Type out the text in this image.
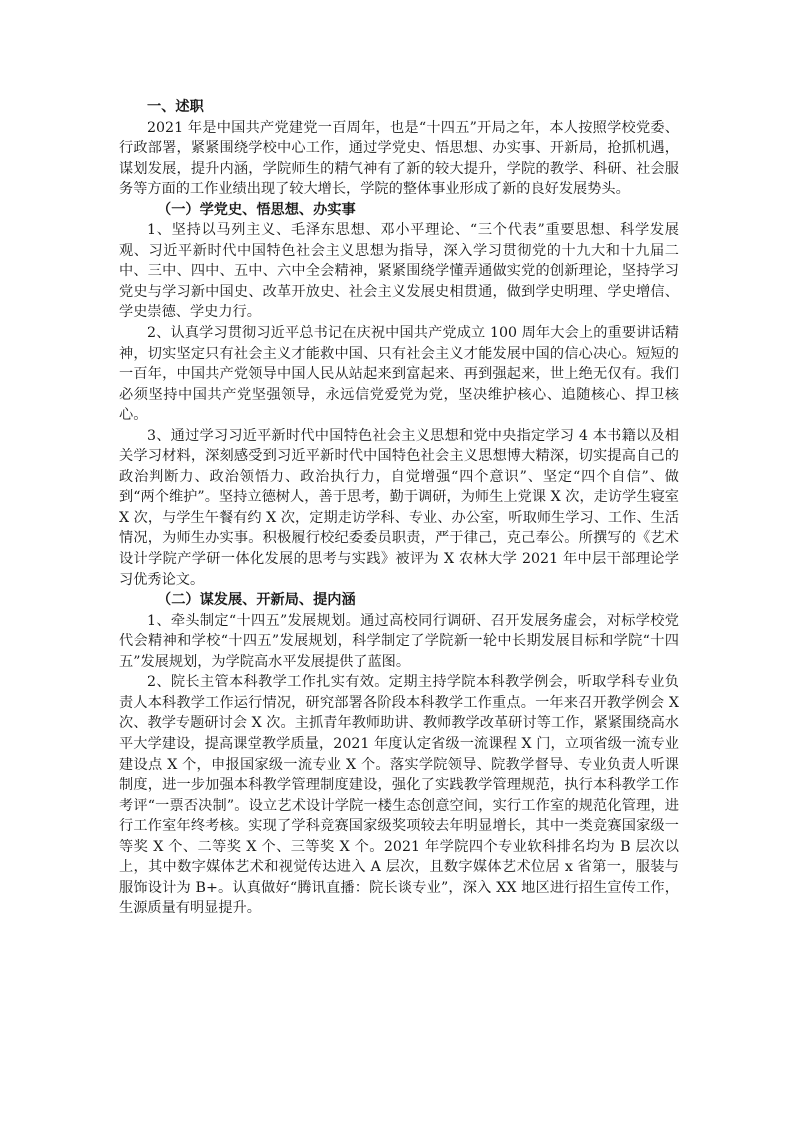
一、述职

2021 年是中国共产党建党一百周年，也是“十四五”开局之年，本人按照学校党委、行政部署，紧紧围绕学校中心工作，通过学党史、悟思想、办实事、开新局，抢抓机遇，谋划发展，提升内涵，学院师生的精气神有了新的较大提升，学院的教学、科研、社会服务等方面的工作业绩出现了较大增长，学院的整体事业形成了新的良好发展势头。

（一）学党史、悟思想、办实事

1、坚持以马列主义、毛泽东思想、邓小平理论、“三个代表”重要思想、科学发展观、习近平新时代中国特色社会主义思想为指导，深入学习贯彻党的十九大和十九届二中、三中、四中、五中、六中全会精神，紧紧围绕学懂弄通做实党的创新理论，坚持学习党史与学习新中国史、改革开放史、社会主义发展史相贯通，做到学史明理、学史增信、学史崇德、学史力行。

2、认真学习贯彻习近平总书记在庆祝中国共产党成立 100 周年大会上的重要讲话精神，切实坚定只有社会主义才能救中国、只有社会主义才能发展中国的信心决心。短短的一百年，中国共产党领导中国人民从站起来到富起来、再到强起来，世上绝无仅有。我们必须坚持中国共产党坚强领导，永远信党爱党为党，坚决维护核心、追随核心、捍卫核心。

3、通过学习习近平新时代中国特色社会主义思想和党中央指定学习 4 本书籍以及相关学习材料，深刻感受到习近平新时代中国特色社会主义思想博大精深，切实提高自己的政治判断力、政治领悟力、政治执行力，自觉增强“四个意识”、坚定“四个自信”、做到“两个维护”。坚持立德树人，善于思考，勤于调研，为师生上党课 X 次，走访学生寝室 X 次，与学生午餐有约 X 次，定期走访学科、专业、办公室，听取师生学习、工作、生活情况，为师生办实事。积极履行校纪委委员职责，严于律己，克己奉公。所撰写的《艺术设计学院产学研一体化发展的思考与实践》被评为 X 农林大学 2021 年中层干部理论学习优秀论文。

（二）谋发展、开新局、提内涵

1、牵头制定“十四五”发展规划。通过高校同行调研、召开发展务虚会，对标学校党代会精神和学校“十四五”发展规划，科学制定了学院新一轮中长期发展目标和学院“十四五”发展规划，为学院高水平发展提供了蓝图。

2、院长主管本科教学工作扎实有效。定期主持学院本科教学例会，听取学科专业负责人本科教学工作运行情况，研究部署各阶段本科教学工作重点。一年来召开教学例会 X 次、教学专题研讨会 X 次。主抓青年教师助讲、教师教学改革研讨等工作，紧紧围绕高水平大学建设，提高课堂教学质量，2021 年度认定省级一流课程 X 门，立项省级一流专业建设点 X 个，申报国家级一流专业 X 个。落实学院领导、院教学督导、专业负责人听课制度，进一步加强本科教学管理制度建设，强化了实践教学管理规范，执行本科教学工作考评“一票否决制”。设立艺术设计学院一楼生态创意空间，实行工作室的规范化管理，进行工作室年终考核。实现了学科竞赛国家级奖项较去年明显增长，其中一类竞赛国家级一等奖 X 个、二等奖 X 个、三等奖 X 个。2021 年学院四个专业软科排名均为 B 层次以上，其中数字媒体艺术和视觉传达进入 A 层次，且数字媒体艺术位居 x 省第一，服装与服饰设计为 B+。认真做好“腾讯直播：院长谈专业”，深入 XX 地区进行招生宣传工作，生源质量有明显提升。
